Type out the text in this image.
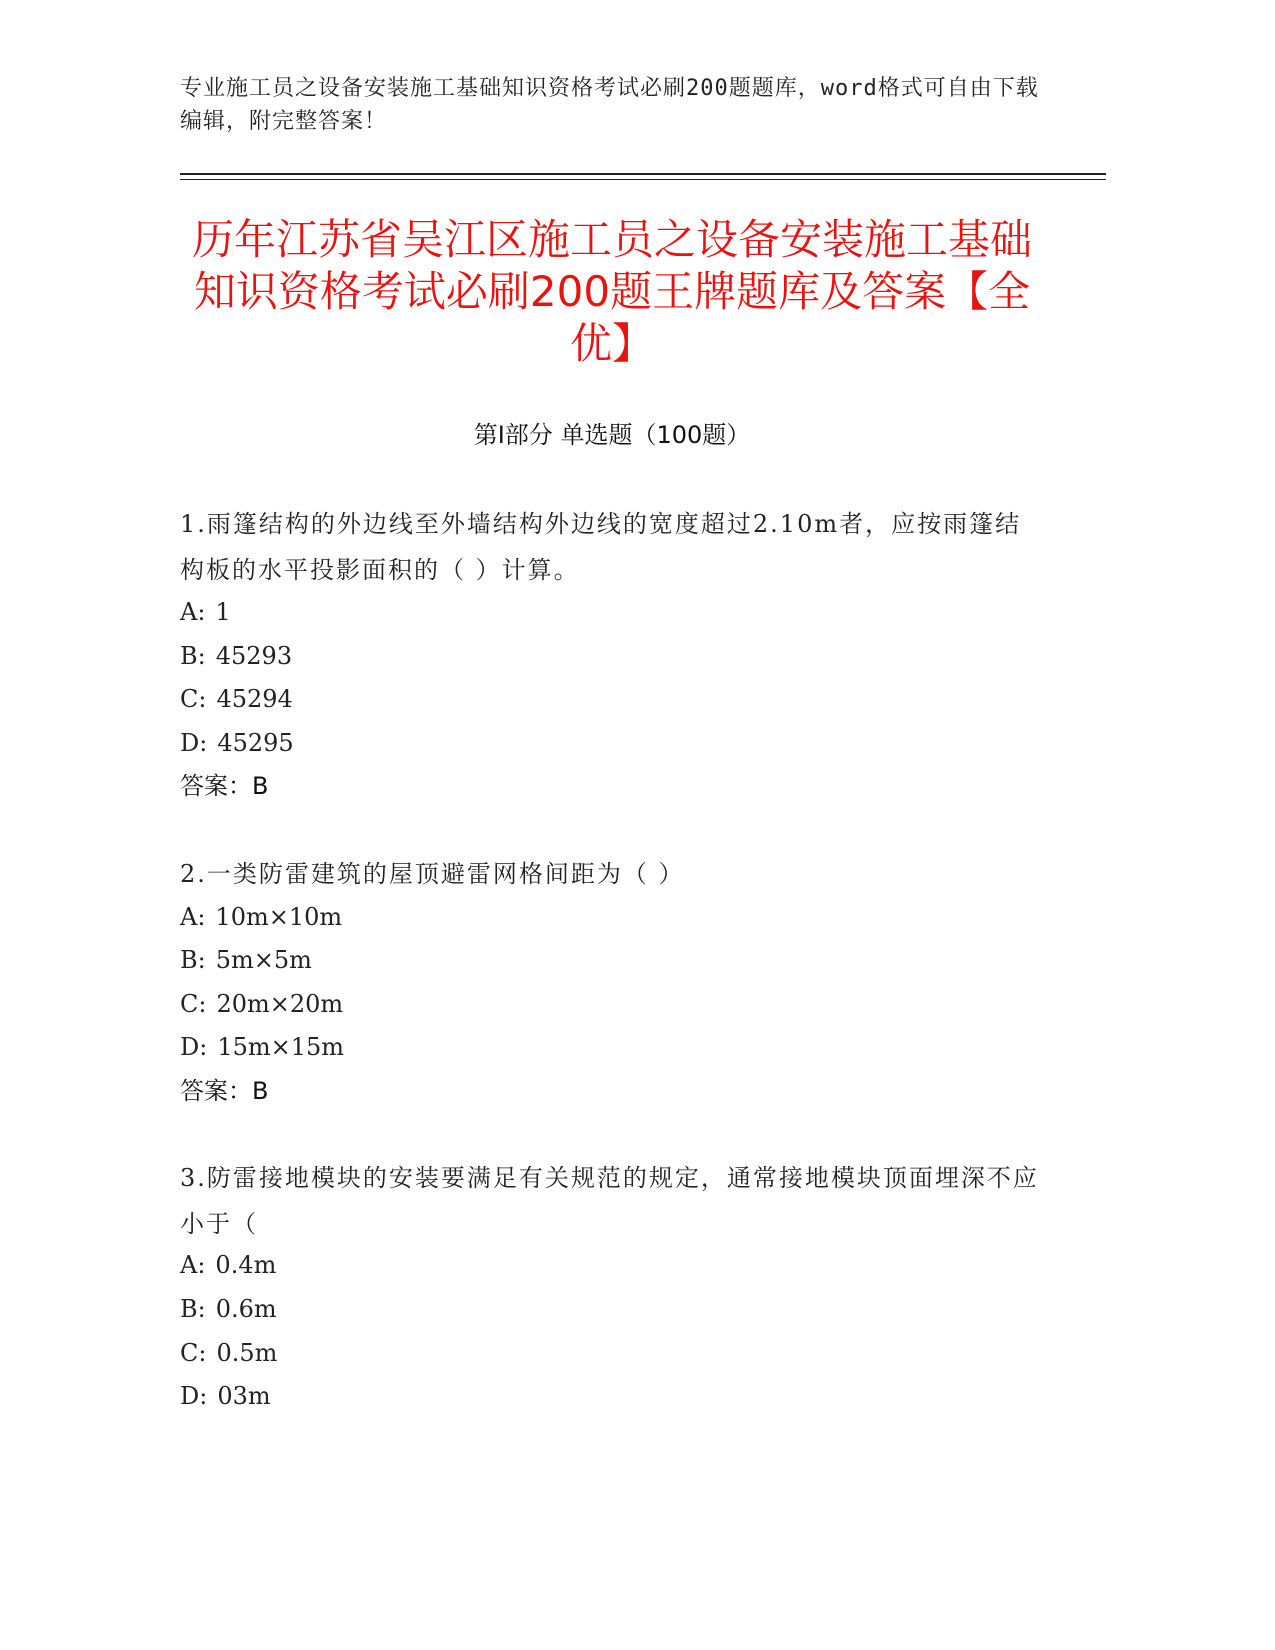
专业施工员之设备安装施工基础知识资格考试必刷200题题库，word格式可自由下载编辑，附完整答案！
历年江苏省吴江区施工员之设备安装施工基础知识资格考试必刷200题王牌题库及答案【全优】
第Ⅰ部分 单选题（100题）
1.雨篷结构的外边线至外墙结构外边线的宽度超过2.10m者，应按雨篷结构板的水平投影面积的（ ）计算。
A: 1
B: 45293
C: 45294
D: 45295
答案：B
2.一类防雷建筑的屋顶避雷网格间距为（ ）
A: 10m×10m
B: 5m×5m
C: 20m×20m
D: 15m×15m
答案：B
3.防雷接地模块的安装要满足有关规范的规定，通常接地模块顶面埋深不应小于（
A: 0.4m
B: 0.6m
C: 0.5m
D: 03m
